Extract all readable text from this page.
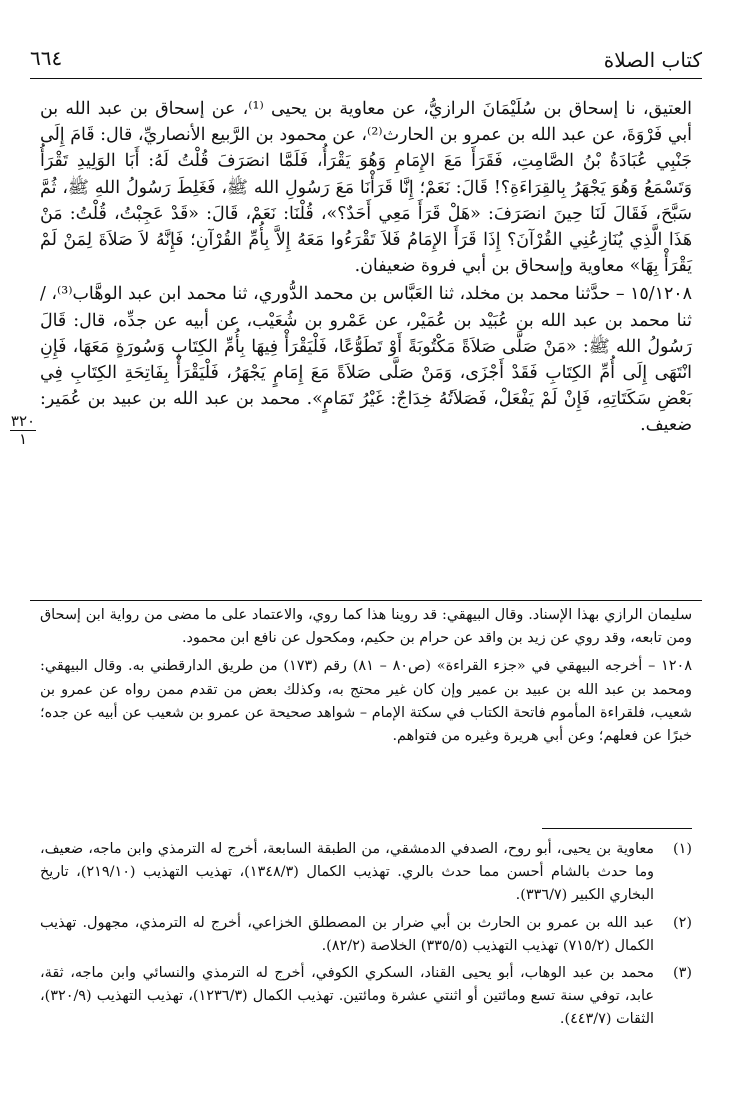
كتاب الصلاة
٦٦٤
٣٢٠
١

العتيق، نا إسحاق بن سُلَيْمَانَ الرازيُّ، عن معاوية بن يحيى ⁽¹⁾، عن إسحاق بن عبد الله بن أبي فَرْوَةَ، عن عبد الله بن عمرو بن الحارث⁽²⁾، عن محمود بن الرَّبيع الأنصاريِّ، قال: قَامَ إِلَى جَنْبِي عُبَادَةُ بْنُ الصَّامِتِ، فَقَرَأَ مَعَ الإِمَامِ وَهُوَ يَقْرَأُ، فَلَمَّا انصَرَفَ قُلْتُ لَهُ: أَبَا الوَلِيدِ تَقْرَأُ وَتَسْمَعُ وَهُوَ يَجْهَرُ بِالقِرَاءَةِ؟! قَالَ: نَعَمْ؛ إِنَّا قَرَأْنَا مَعَ رَسُولِ الله ﷺ، فَغَلِطَ رَسُولُ اللهِ ﷺ، ثُمَّ سَبَّحَ، فَقَالَ لَنَا حِينَ انصَرَفَ: «هَلْ قَرَأَ مَعِي أَحَدٌ؟»، قُلْنَا: نَعَمْ، قَالَ: «قَدْ عَجِبْتُ، قُلْتُ: مَنْ هَذَا الَّذِي يُنَازِعُنِي القُرْآنَ؟ إِذَا قَرَأَ الإِمَامُ فَلاَ تَقْرَءُوا مَعَهُ إِلاَّ بِأُمِّ القُرْآنِ؛ فَإِنَّهُ لاَ صَلاَةَ لِمَنْ لَمْ يَقْرَأْ بِهَا» معاوية وإسحاق بن أبي فروة ضعيفان.

١٥/١٢٠٨ – حدَّثنا محمد بن مخلد، ثنا العَبَّاس بن محمد الدُّوري، ثنا محمد ابن عبد الوهَّاب⁽³⁾، / ثنا محمد بن عبد الله بن عُبَيْد بن عُمَيْر، عن عَمْرو بن شُعَيْب، عن أبيه عن جدِّه، قال: قَالَ رَسُولُ الله ﷺ: «مَنْ صَلَّى صَلاَةً مَكْتُوبَةً أَوْ تَطَوُّعًا، فَلْيَقْرَأْ فِيهَا بِأُمِّ الكِتَابِ وَسُورَةٍ مَعَهَا، فَإِنِ انْتَهَى إِلَى أُمِّ الكِتَابِ فَقَدْ أَجْزَى، وَمَنْ صَلَّى صَلاَةً مَعَ إِمَامٍ يَجْهَرُ، فَلْيَقْرَأْ بِفَاتِحَةِ الكِتَابِ فِي بَعْضِ سَكَتَاتِهِ، فَإِنْ لَمْ يَفْعَلْ، فَصَلاَتُهُ خِدَاجٌ: غَيْرُ تَمَامٍ». محمد بن عبد الله بن عبيد بن عُمَير: ضعيف.

سليمان الرازي بهذا الإسناد. وقال البيهقي: قد روينا هذا كما روي، والاعتماد على ما مضى من رواية ابن إسحاق ومن تابعه، وقد روي عن زيد بن واقد عن حرام بن حكيم، ومكحول عن نافع ابن محمود.

١٢٠٨ – أخرجه البيهقي في «جزء القراءة» (ص٨٠ – ٨١) رقم (١٧٣) من طريق الدارقطني به. وقال البيهقي: ومحمد بن عبد الله بن عبيد بن عمير وإن كان غير محتج به، وكذلك بعض من تقدم ممن رواه عن عمرو بن شعيب، فلقراءة المأموم فاتحة الكتاب في سكتة الإمام – شواهد صحيحة عن عمرو بن شعيب عن أبيه عن جده؛ خبرًا عن فعلهم؛ وعن أبي هريرة وغيره من فتواهم.

(١)
معاوية بن يحيى، أبو روح، الصدفي الدمشقي، من الطبقة السابعة، أخرج له الترمذي وابن ماجه، ضعيف، وما حدث بالشام أحسن مما حدث بالري. تهذيب الكمال (١٣٤٨/٣)، تهذيب التهذيب (٢١٩/١٠)، تاريخ البخاري الكبير (٣٣٦/٧).
(٢)
عبد الله بن عمرو بن الحارث بن أبي ضرار بن المصطلق الخزاعي، أخرج له الترمذي، مجهول. تهذيب الكمال (٧١٥/٢) تهذيب التهذيب (٣٣٥/٥) الخلاصة (٨٢/٢).
(٣)
محمد بن عبد الوهاب، أبو يحيى القناد، السكري الكوفي، أخرج له الترمذي والنسائي وابن ماجه، ثقة، عابد، توفي سنة تسع ومائتين أو اثنتي عشرة ومائتين. تهذيب الكمال (١٢٣٦/٣)، تهذيب التهذيب (٣٢٠/٩)، الثقات (٤٤٣/٧).
